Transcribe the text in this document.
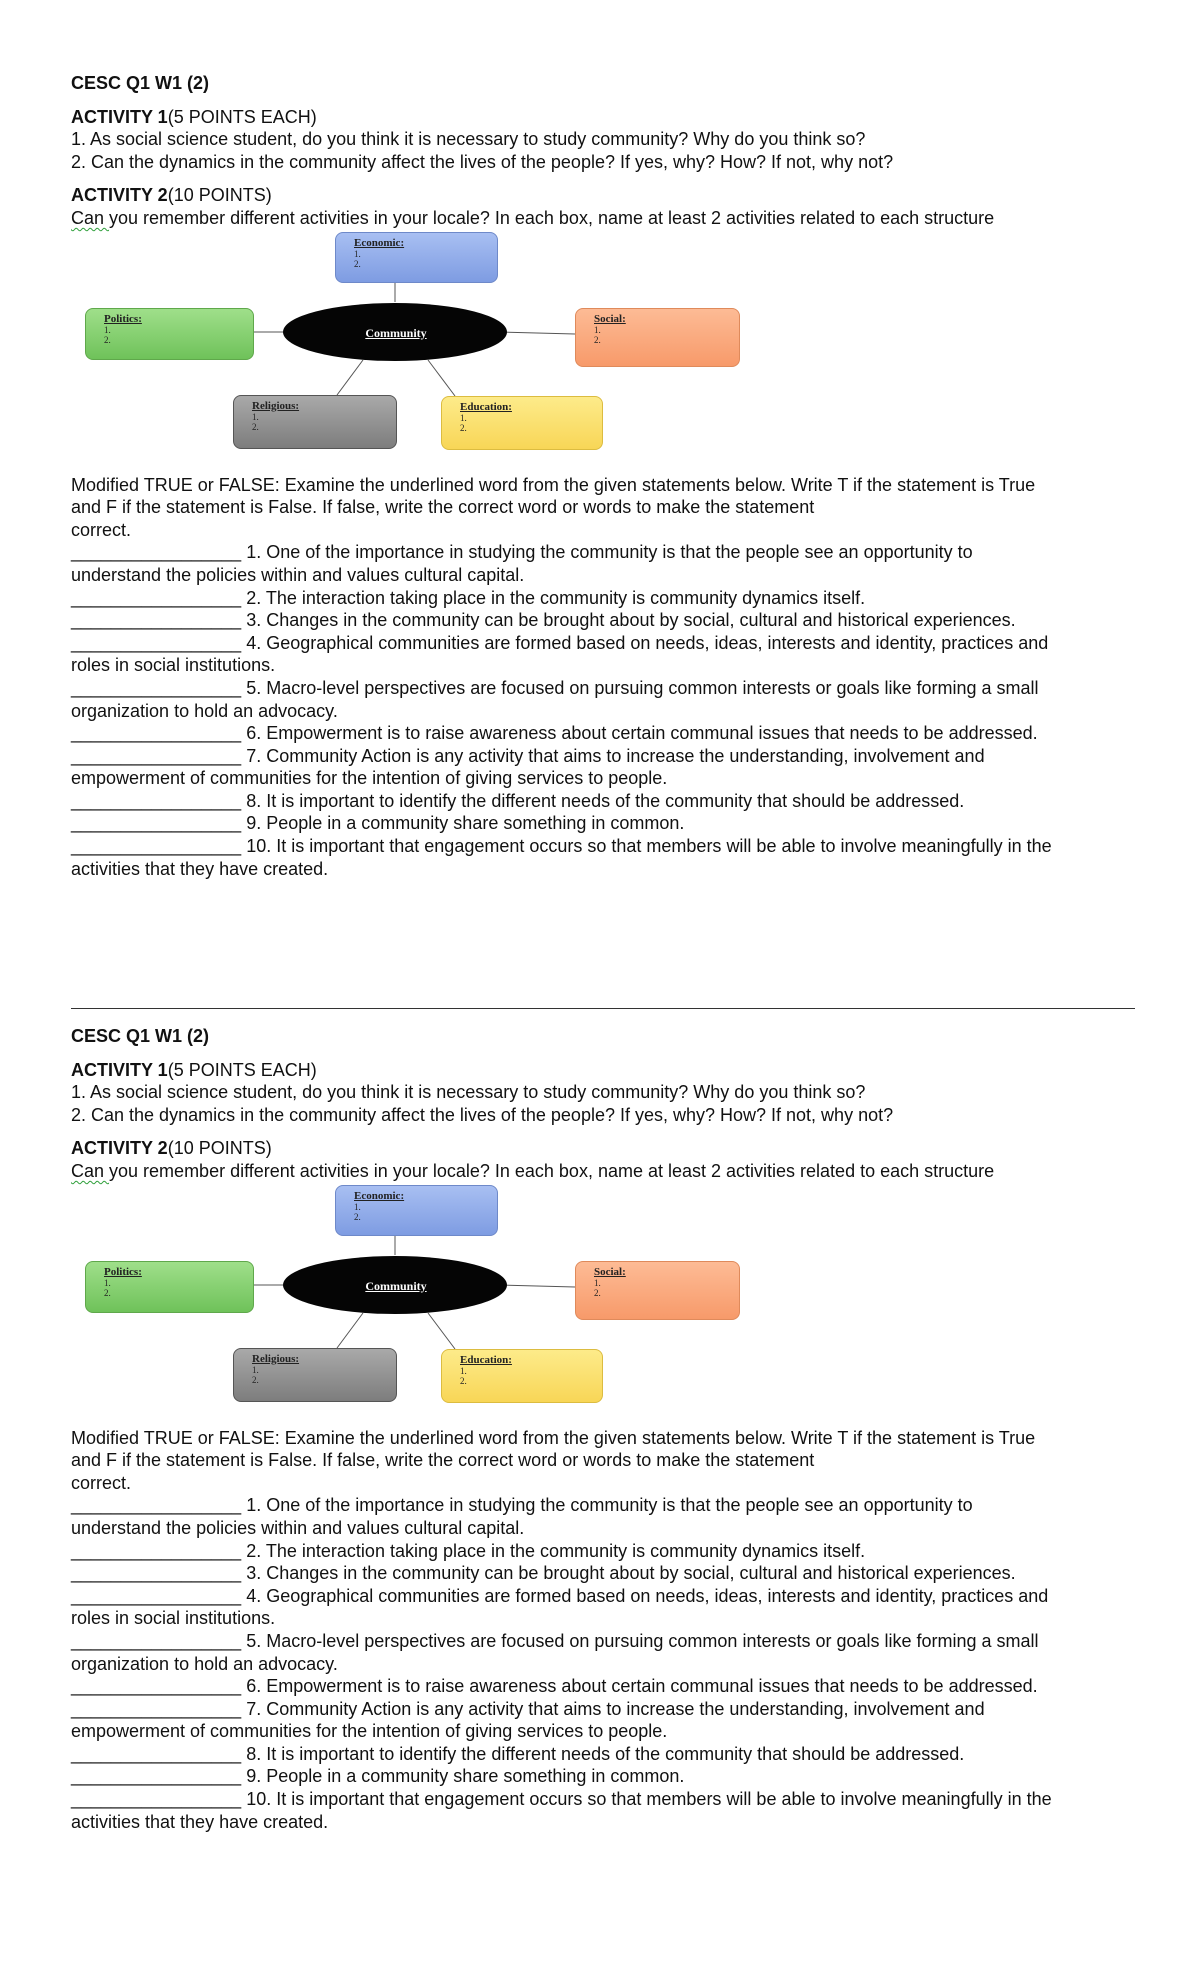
CESC Q1 W1 (2)
ACTIVITY 1(5 POINTS EACH)
1. As social science student, do you think it is necessary to study community? Why do you think so?
2. Can the dynamics in the community affect the lives of the people? If yes, why? How? If not, why not?
ACTIVITY 2(10 POINTS)
Can you remember different activities in your locale? In each box, name at least 2 activities related to each structure
Community
Economic:
1.
2.
Politics:
1.
2.
Social:
1.
2.
Religious:
1.
2.
Education:
1.
2.
Modified TRUE or FALSE: Examine the underlined word from the given statements below. Write T if the statement is True
and F if the statement is False. If false, write the correct word or words to make the statement
correct.
_________________ 1. One of the importance in studying the community is that the people see an opportunity to
understand the policies within and values cultural capital.
_________________ 2. The interaction taking place in the community is community dynamics itself.
_________________ 3. Changes in the community can be brought about by social, cultural and historical experiences.
_________________ 4. Geographical communities are formed based on needs, ideas, interests and identity, practices and
roles in social institutions.
_________________ 5. Macro-level perspectives are focused on pursuing common interests or goals like forming a small
organization to hold an advocacy.
_________________ 6. Empowerment is to raise awareness about certain communal issues that needs to be addressed.
_________________ 7. Community Action is any activity that aims to increase the understanding, involvement and
empowerment of communities for the intention of giving services to people.
_________________ 8. It is important to identify the different needs of the community that should be addressed.
_________________ 9. People in a community share something in common.
_________________ 10. It is important that engagement occurs so that members will be able to involve meaningfully in the
activities that they have created.
CESC Q1 W1 (2)
ACTIVITY 1(5 POINTS EACH)
1. As social science student, do you think it is necessary to study community? Why do you think so?
2. Can the dynamics in the community affect the lives of the people? If yes, why? How? If not, why not?
ACTIVITY 2(10 POINTS)
Can you remember different activities in your locale? In each box, name at least 2 activities related to each structure
Community
Economic:
1.
2.
Politics:
1.
2.
Social:
1.
2.
Religious:
1.
2.
Education:
1.
2.
Modified TRUE or FALSE: Examine the underlined word from the given statements below. Write T if the statement is True
and F if the statement is False. If false, write the correct word or words to make the statement
correct.
_________________ 1. One of the importance in studying the community is that the people see an opportunity to
understand the policies within and values cultural capital.
_________________ 2. The interaction taking place in the community is community dynamics itself.
_________________ 3. Changes in the community can be brought about by social, cultural and historical experiences.
_________________ 4. Geographical communities are formed based on needs, ideas, interests and identity, practices and
roles in social institutions.
_________________ 5. Macro-level perspectives are focused on pursuing common interests or goals like forming a small
organization to hold an advocacy.
_________________ 6. Empowerment is to raise awareness about certain communal issues that needs to be addressed.
_________________ 7. Community Action is any activity that aims to increase the understanding, involvement and
empowerment of communities for the intention of giving services to people.
_________________ 8. It is important to identify the different needs of the community that should be addressed.
_________________ 9. People in a community share something in common.
_________________ 10. It is important that engagement occurs so that members will be able to involve meaningfully in the
activities that they have created.
